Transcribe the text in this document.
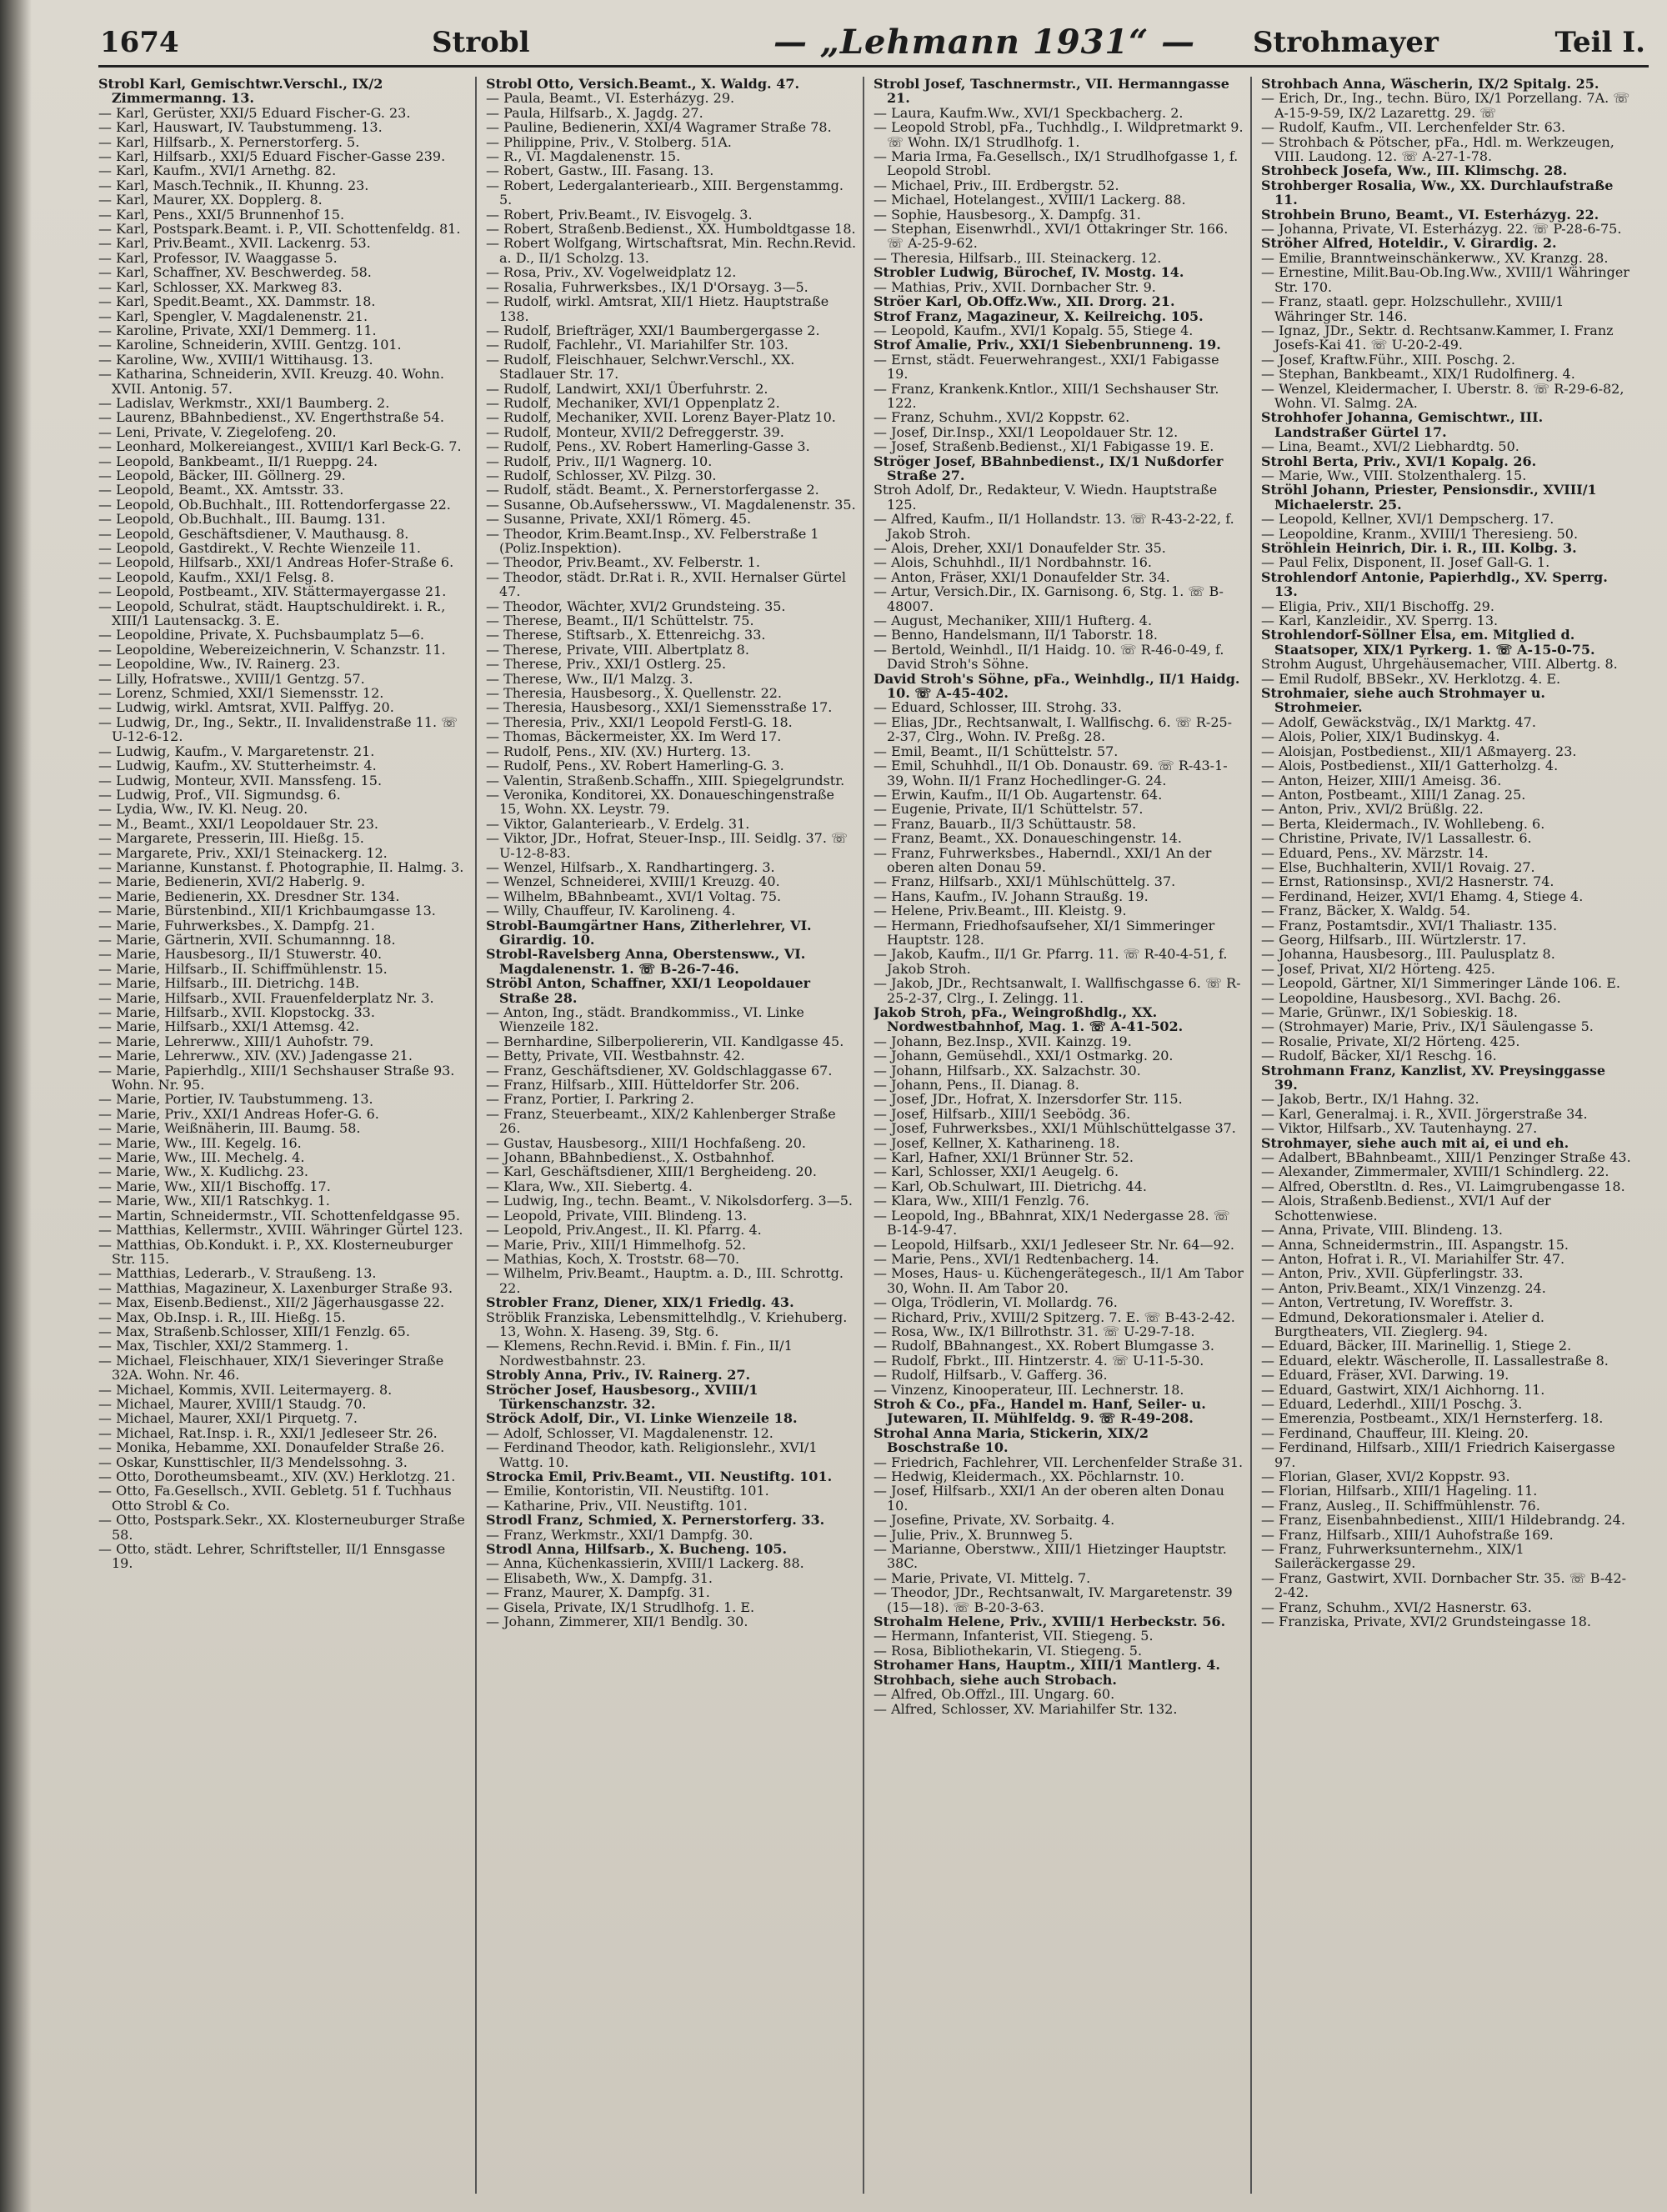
1674	Strobl	— „Lehmann 1931“ — Strohmayer	Teil I.

Strobl Karl, Gemischtwr.Verschl., IX/2 Zimmermanng. 13.

— Karl, Gerüster, XXI/5 Eduard Fischer-G. 23.

— Karl, Hauswart, IV. Taubstummeng. 13.

— Karl, Hilfsarb., X. Pernerstorferg. 5.

— Karl, Hilfsarb., XXI/5 Eduard Fischer-Gasse 239.

— Karl, Kaufm., XVI/1 Arnethg. 82.

— Karl, Masch.Technik., II. Khunng. 23.

— Karl, Maurer, XX. Dopplerg. 8.

— Karl, Pens., XXI/5 Brunnenhof 15.

— Karl, Postspark.Beamt. i. P., VII. Schottenfeldg. 81.

— Karl, Priv.Beamt., XVII. Lackenrg. 53.

— Karl, Professor, IV. Waaggasse 5.

— Karl, Schaffner, XV. Beschwerdeg. 58.

— Karl, Schlosser, XX. Markweg 83.

— Karl, Spedit.Beamt., XX. Dammstr. 18.

— Karl, Spengler, V. Magdalenenstr. 21.

— Karoline, Private, XXI/1 Demmerg. 11.

— Karoline, Schneiderin, XVIII. Gentzg. 101.

— Karoline, Ww., XVIII/1 Wittihausg. 13.

— Katharina, Schneiderin, XVII. Kreuzg. 40. Wohn. XVII. Antonig. 57.

— Ladislav, Werkmstr., XXI/1 Baumberg. 2.

— Laurenz, BBahnbedienst., XV. Engerthstraße 54.

— Leni, Private, V. Ziegelofeng. 20.

— Leonhard, Molkereiangest., XVIII/1 Karl Beck-G. 7.

— Leopold, Bankbeamt., II/1 Rueppg. 24.

— Leopold, Bäcker, III. Göllnerg. 29.

— Leopold, Beamt., XX. Amtsstr. 33.

— Leopold, Ob.Buchhalt., III. Rottendorfergasse 22.

— Leopold, Ob.Buchhalt., III. Baumg. 131.

— Leopold, Geschäftsdiener, V. Mauthausg. 8.

— Leopold, Gastdirekt., V. Rechte Wienzeile 11.

— Leopold, Hilfsarb., XXI/1 Andreas Hofer-Straße 6.

— Leopold, Kaufm., XXI/1 Felsg. 8.

— Leopold, Postbeamt., XIV. Stättermayergasse 21.

— Leopold, Schulrat, städt. Hauptschuldirekt. i. R., XIII/1 Lautensackg. 3. E.

— Leopoldine, Private, X. Puchsbaumplatz 5—6.

— Leopoldine, Webereizeichnerin, V. Schanzstr. 11.

— Leopoldine, Ww., IV. Rainerg. 23.

— Lilly, Hofratswe., XVIII/1 Gentzg. 57.

— Lorenz, Schmied, XXI/1 Siemensstr. 12.

— Ludwig, wirkl. Amtsrat, XVII. Palffyg. 20.

— Ludwig, Dr., Ing., Sektr., II. Invalidenstraße 11. ☏ U-12-6-12.

— Ludwig, Kaufm., V. Margaretenstr. 21.

— Ludwig, Kaufm., XV. Stutterheimstr. 4.

— Ludwig, Monteur, XVII. Manssfeng. 15.

— Ludwig, Prof., VII. Sigmundsg. 6.

— Lydia, Ww., IV. Kl. Neug. 20.

— M., Beamt., XXI/1 Leopoldauer Str. 23.

— Margarete, Presserin, III. Hießg. 15.

— Margarete, Priv., XXI/1 Steinackerg. 12.

— Marianne, Kunstanst. f. Photographie, II. Halmg. 3.

— Marie, Bedienerin, XVI/2 Haberlg. 9.

— Marie, Bedienerin, XX. Dresdner Str. 134.

— Marie, Bürstenbind., XII/1 Krichbaumgasse 13.

— Marie, Fuhrwerksbes., X. Dampfg. 21.

— Marie, Gärtnerin, XVII. Schumannng. 18.

— Marie, Hausbesorg., II/1 Stuwerstr. 40.

— Marie, Hilfsarb., II. Schiffmühlenstr. 15.

— Marie, Hilfsarb., III. Dietrichg. 14B.

— Marie, Hilfsarb., XVII. Frauenfelderplatz Nr. 3.

— Marie, Hilfsarb., XVII. Klopstockg. 33.

— Marie, Hilfsarb., XXI/1 Attemsg. 42.

— Marie, Lehrerww., XIII/1 Auhofstr. 79.

— Marie, Lehrerww., XIV. (XV.) Jadengasse 21.

— Marie, Papierhdlg., XIII/1 Sechshauser Straße 93. Wohn. Nr. 95.

— Marie, Portier, IV. Taubstummeng. 13.

— Marie, Priv., XXI/1 Andreas Hofer-G. 6.

— Marie, Weißnäherin, III. Baumg. 58.

— Marie, Ww., III. Kegelg. 16.

— Marie, Ww., III. Mechelg. 4.

— Marie, Ww., X. Kudlichg. 23.

— Marie, Ww., XII/1 Bischoffg. 17.

— Marie, Ww., XII/1 Ratschkyg. 1.

— Martin, Schneidermstr., VII. Schottenfeldgasse 95.

— Matthias, Kellermstr., XVIII. Währinger Gürtel 123.

— Matthias, Ob.Kondukt. i. P., XX. Klosterneuburger Str. 115.

— Matthias, Lederarb., V. Straußeng. 13.

— Matthias, Magazineur, X. Laxenburger Straße 93.

— Max, Eisenb.Bedienst., XII/2 Jägerhausgasse 22.

— Max, Ob.Insp. i. R., III. Hießg. 15.

— Max, Straßenb.Schlosser, XIII/1 Fenzlg. 65.

— Max, Tischler, XXI/2 Stammerg. 1.

— Michael, Fleischhauer, XIX/1 Sieveringer Straße 32A. Wohn. Nr. 46.

— Michael, Kommis, XVII. Leitermayerg. 8.

— Michael, Maurer, XVIII/1 Staudg. 70.

— Michael, Maurer, XXI/1 Pirquetg. 7.

— Michael, Rat.Insp. i. R., XXI/1 Jedleseer Str. 26.

— Monika, Hebamme, XXI. Donaufelder Straße 26.

— Oskar, Kunsttischler, II/3 Mendelssohng. 3.

— Otto, Dorotheumsbeamt., XIV. (XV.) Herklotzg. 21.

— Otto, Fa.Gesellsch., XVII. Gebletg. 51 f. Tuchhaus Otto Strobl & Co.

— Otto, Postspark.Sekr., XX. Klosterneuburger Straße 58.

— Otto, städt. Lehrer, Schriftsteller, II/1 Ennsgasse 19.

Strobl Otto, Versich.Beamt., X. Waldg. 47.

— Paula, Beamt., VI. Esterházyg. 29.

— Paula, Hilfsarb., X. Jagdg. 27.

— Pauline, Bedienerin, XXI/4 Wagramer Straße 78.

— Philippine, Priv., V. Stolberg. 51A.

— R., VI. Magdalenenstr. 15.

— Robert, Gastw., III. Fasang. 13.

— Robert, Ledergalanteriearb., XIII. Bergenstammg. 5.

— Robert, Priv.Beamt., IV. Eisvogelg. 3.

— Robert, Straßenb.Bedienst., XX. Humboldtgasse 18.

— Robert Wolfgang, Wirtschaftsrat, Min. Rechn.Revid. a. D., II/1 Scholzg. 13.

— Rosa, Priv., XV. Vogelweidplatz 12.

— Rosalia, Fuhrwerksbes., IX/1 D'Orsayg. 3—5.

— Rudolf, wirkl. Amtsrat, XII/1 Hietz. Hauptstraße 138.

— Rudolf, Briefträger, XXI/1 Baumbergergasse 2.

— Rudolf, Fachlehr., VI. Mariahilfer Str. 103.

— Rudolf, Fleischhauer, Selchwr.Verschl., XX. Stadlauer Str. 17.

— Rudolf, Landwirt, XXI/1 Überfuhrstr. 2.

— Rudolf, Mechaniker, XVI/1 Oppenplatz 2.

— Rudolf, Mechaniker, XVII. Lorenz Bayer-Platz 10.

— Rudolf, Monteur, XVII/2 Defreggerstr. 39.

— Rudolf, Pens., XV. Robert Hamerling-Gasse 3.

— Rudolf, Priv., II/1 Wagnerg. 10.

— Rudolf, Schlosser, XV. Pilzg. 30.

— Rudolf, städt. Beamt., X. Pernerstorfergasse 2.

— Susanne, Ob.Aufseherssww., VI. Magdalenenstr. 35.

— Susanne, Private, XXI/1 Römerg. 45.

— Theodor, Krim.Beamt.Insp., XV. Felberstraße 1 (Poliz.Inspektion).

— Theodor, Priv.Beamt., XV. Felberstr. 1.

— Theodor, städt. Dr.Rat i. R., XVII. Hernalser Gürtel 47.

— Theodor, Wächter, XVI/2 Grundsteing. 35.

— Therese, Beamt., II/1 Schüttelstr. 75.

— Therese, Stiftsarb., X. Ettenreichg. 33.

— Therese, Private, VIII. Albertplatz 8.

— Therese, Priv., XXI/1 Ostlerg. 25.

— Therese, Ww., II/1 Malzg. 3.

— Theresia, Hausbesorg., X. Quellenstr. 22.

— Theresia, Hausbesorg., XXI/1 Siemensstraße 17.

— Theresia, Priv., XXI/1 Leopold Ferstl-G. 18.

— Thomas, Bäckermeister, XX. Im Werd 17.

— Rudolf, Pens., XIV. (XV.) Hurterg. 13.

— Rudolf, Pens., XV. Robert Hamerling-G. 3.

— Valentin, Straßenb.Schaffn., XIII. Spiegelgrundstr.

— Veronika, Konditorei, XX. Donaueschingenstraße 15, Wohn. XX. Leystr. 79.

— Viktor, Galanteriearb., V. Erdelg. 31.

— Viktor, JDr., Hofrat, Steuer-Insp., III. Seidlg. 37. ☏ U-12-8-83.

— Wenzel, Hilfsarb., X. Randhartingerg. 3.

— Wenzel, Schneiderei, XVIII/1 Kreuzg. 40.

— Wilhelm, BBahnbeamt., XVI/1 Voltag. 75.

— Willy, Chauffeur, IV. Karolineng. 4.

Strobl-Baumgärtner Hans, Zitherlehrer, VI. Girardig. 10.

Strobl-Ravelsberg Anna, Oberstensww., VI. Magdalenenstr. 1. ☏ B-26-7-46.

Ströbl Anton, Schaffner, XXI/1 Leopoldauer Straße 28.

— Anton, Ing., städt. Brandkommiss., VI. Linke Wienzeile 182.

— Bernhardine, Silberpoliererin, VII. Kandlgasse 45.

— Betty, Private, VII. Westbahnstr. 42.

— Franz, Geschäftsdiener, XV. Goldschlaggasse 67.

— Franz, Hilfsarb., XIII. Hütteldorfer Str. 206.

— Franz, Portier, I. Parkring 2.

— Franz, Steuerbeamt., XIX/2 Kahlenberger Straße 26.

— Gustav, Hausbesorg., XIII/1 Hochfaßeng. 20.

— Johann, BBahnbedienst., X. Ostbahnhof.

— Karl, Geschäftsdiener, XIII/1 Bergheideng. 20.

— Klara, Ww., XII. Siebertg. 4.

— Ludwig, Ing., techn. Beamt., V. Nikolsdorferg. 3—5.

— Leopold, Private, VIII. Blindeng. 13.

— Leopold, Priv.Angest., II. Kl. Pfarrg. 4.

— Marie, Priv., XIII/1 Himmelhofg. 52.

— Mathias, Koch, X. Troststr. 68—70.

— Wilhelm, Priv.Beamt., Hauptm. a. D., III. Schrottg. 22.

Strobler Franz, Diener, XIX/1 Friedlg. 43.

Ströblik Franziska, Lebensmittelhdlg., V. Kriehuberg. 13, Wohn. X. Haseng. 39, Stg. 6.

— Klemens, Rechn.Revid. i. BMin. f. Fin., II/1 Nordwestbahnstr. 23.

Strobly Anna, Priv., IV. Rainerg. 27.

Ströcher Josef, Hausbesorg., XVIII/1 Türkenschanzstr. 32.

Ströck Adolf, Dir., VI. Linke Wienzeile 18.

— Adolf, Schlosser, VI. Magdalenenstr. 12.

— Ferdinand Theodor, kath. Religionslehr., XVI/1 Wattg. 10.

Strocka Emil, Priv.Beamt., VII. Neustiftg. 101.

— Emilie, Kontoristin, VII. Neustiftg. 101.

— Katharine, Priv., VII. Neustiftg. 101.

Strodl Franz, Schmied, X. Pernerstorferg. 33.

— Franz, Werkmstr., XXI/1 Dampfg. 30.

Strodl Anna, Hilfsarb., X. Bucheng. 105.

— Anna, Küchenkassierin, XVIII/1 Lackerg. 88.

— Elisabeth, Ww., X. Dampfg. 31.

— Franz, Maurer, X. Dampfg. 31.

— Gisela, Private, IX/1 Strudlhofg. 1. E.

— Johann, Zimmerer, XII/1 Bendlg. 30.

Strobl Josef, Taschnermstr., VII. Hermanngasse 21.

— Laura, Kaufm.Ww., XVI/1 Speckbacherg. 2.

— Leopold Strobl, pFa., Tuchhdlg., I. Wildpretmarkt 9. ☏ Wohn. IX/1 Strudlhofg. 1.

— Maria Irma, Fa.Gesellsch., IX/1 Strudlhofgasse 1, f. Leopold Strobl.

— Michael, Priv., III. Erdbergstr. 52.

— Michael, Hotelangest., XVIII/1 Lackerg. 88.

— Sophie, Hausbesorg., X. Dampfg. 31.

— Stephan, Eisenwrhdl., XVI/1 Ottakringer Str. 166. ☏ A-25-9-62.

— Theresia, Hilfsarb., III. Steinackerg. 12.

Strobler Ludwig, Bürochef, IV. Mostg. 14.

— Mathias, Priv., XVII. Dornbacher Str. 9.

Ströer Karl, Ob.Offz.Ww., XII. Drorg. 21.

Strof Franz, Magazineur, X. Keilreichg. 105.

— Leopold, Kaufm., XVI/1 Kopalg. 55, Stiege 4.

Strof Amalie, Priv., XXI/1 Siebenbrunneng. 19.

— Ernst, städt. Feuerwehrangest., XXI/1 Fabigasse 19.

— Franz, Krankenk.Kntlor., XIII/1 Sechshauser Str. 122.

— Franz, Schuhm., XVI/2 Koppstr. 62.

— Josef, Dir.Insp., XXI/1 Leopoldauer Str. 12.

— Josef, Straßenb.Bedienst., XI/1 Fabigasse 19. E.

Ströger Josef, BBahnbedienst., IX/1 Nußdorfer Straße 27.

Stroh Adolf, Dr., Redakteur, V. Wiedn. Hauptstraße 125.

— Alfred, Kaufm., II/1 Hollandstr. 13. ☏ R-43-2-22, f. Jakob Stroh.

— Alois, Dreher, XXI/1 Donaufelder Str. 35.

— Alois, Schuhhdl., II/1 Nordbahnstr. 16.

— Anton, Fräser, XXI/1 Donaufelder Str. 34.

— Artur, Versich.Dir., IX. Garnisong. 6, Stg. 1. ☏ B-48007.

— August, Mechaniker, XIII/1 Hufterg. 4.

— Benno, Handelsmann, II/1 Taborstr. 18.

— Bertold, Weinhdl., II/1 Haidg. 10. ☏ R-46-0-49, f. David Stroh's Söhne.

David Stroh's Söhne, pFa., Weinhdlg., II/1 Haidg. 10. ☏ A-45-402.

— Eduard, Schlosser, III. Strohg. 33.

— Elias, JDr., Rechtsanwalt, I. Wallfischg. 6. ☏ R-25-2-37, Clrg., Wohn. IV. Preßg. 28.

— Emil, Beamt., II/1 Schüttelstr. 57.

— Emil, Schuhhdl., II/1 Ob. Donaustr. 69. ☏ R-43-1-39, Wohn. II/1 Franz Hochedlinger-G. 24.

— Erwin, Kaufm., II/1 Ob. Augartenstr. 64.

— Eugenie, Private, II/1 Schüttelstr. 57.

— Franz, Bauarb., II/3 Schüttaustr. 58.

— Franz, Beamt., XX. Donaueschingenstr. 14.

— Franz, Fuhrwerksbes., Haberndl., XXI/1 An der oberen alten Donau 59.

— Franz, Hilfsarb., XXI/1 Mühlschüttelg. 37.

— Hans, Kaufm., IV. Johann Straußg. 19.

— Helene, Priv.Beamt., III. Kleistg. 9.

— Hermann, Friedhofsaufseher, XI/1 Simmeringer Hauptstr. 128.

— Jakob, Kaufm., II/1 Gr. Pfarrg. 11. ☏ R-40-4-51, f. Jakob Stroh.

— Jakob, JDr., Rechtsanwalt, I. Wallfischgasse 6. ☏ R-25-2-37, Clrg., I. Zelingg. 11.

Jakob Stroh, pFa., Weingroßhdlg., XX. Nordwestbahnhof, Mag. 1. ☏ A-41-502.

— Johann, Bez.Insp., XVII. Kainzg. 19.

— Johann, Gemüsehdl., XXI/1 Ostmarkg. 20.

— Johann, Hilfsarb., XX. Salzachstr. 30.

— Johann, Pens., II. Dianag. 8.

— Josef, JDr., Hofrat, X. Inzersdorfer Str. 115.

— Josef, Hilfsarb., XIII/1 Seebödg. 36.

— Josef, Fuhrwerksbes., XXI/1 Mühlschüttelgasse 37.

— Josef, Kellner, X. Katharineng. 18.

— Karl, Hafner, XXI/1 Brünner Str. 52.

— Karl, Schlosser, XXI/1 Aeugelg. 6.

— Karl, Ob.Schulwart, III. Dietrichg. 44.

— Klara, Ww., XIII/1 Fenzlg. 76.

— Leopold, Ing., BBahnrat, XIX/1 Nedergasse 28. ☏ B-14-9-47.

— Leopold, Hilfsarb., XXI/1 Jedleseer Str. Nr. 64—92.

— Marie, Pens., XVI/1 Redtenbacherg. 14.

— Moses, Haus- u. Küchengerätegesch., II/1 Am Tabor 30, Wohn. II. Am Tabor 20.

— Olga, Trödlerin, VI. Mollardg. 76.

— Richard, Priv., XVIII/2 Spitzerg. 7. E. ☏ B-43-2-42.

— Rosa, Ww., IX/1 Billrothstr. 31. ☏ U-29-7-18.

— Rudolf, BBahnangest., XX. Robert Blumgasse 3.

— Rudolf, Fbrkt., III. Hintzerstr. 4. ☏ U-11-5-30.

— Rudolf, Hilfsarb., V. Gafferg. 36.

— Vinzenz, Kinooperateur, III. Lechnerstr. 18.

Stroh & Co., pFa., Handel m. Hanf, Seiler- u. Jutewaren, II. Mühlfeldg. 9. ☏ R-49-208.

Strohal Anna Maria, Stickerin, XIX/2 Boschstraße 10.

— Friedrich, Fachlehrer, VII. Lerchenfelder Straße 31.

— Hedwig, Kleidermach., XX. Pöchlarnstr. 10.

— Josef, Hilfsarb., XXI/1 An der oberen alten Donau 10.

— Josefine, Private, XV. Sorbaitg. 4.

— Julie, Priv., X. Brunnweg 5.

— Marianne, Oberstww., XIII/1 Hietzinger Hauptstr. 38C.

— Marie, Private, VI. Mittelg. 7.

— Theodor, JDr., Rechtsanwalt, IV. Margaretenstr. 39 (15—18). ☏ B-20-3-63.

Strohalm Helene, Priv., XVIII/1 Herbeckstr. 56.

— Hermann, Infanterist, VII. Stiegeng. 5.

— Rosa, Bibliothekarin, VI. Stiegeng. 5.

Strohamer Hans, Hauptm., XIII/1 Mantlerg. 4.

Strohbach, siehe auch Strobach.

— Alfred, Ob.Offzl., III. Ungarg. 60.

— Alfred, Schlosser, XV. Mariahilfer Str. 132.

Strohbach Anna, Wäscherin, IX/2 Spitalg. 25.

— Erich, Dr., Ing., techn. Büro, IX/1 Porzellang. 7A. ☏ A-15-9-59, IX/2 Lazarettg. 29. ☏

— Rudolf, Kaufm., VII. Lerchenfelder Str. 63.

— Strohbach & Pötscher, pFa., Hdl. m. Werkzeugen, VIII. Laudong. 12. ☏ A-27-1-78.

Strohbeck Josefa, Ww., III. Klimschg. 28.

Strohberger Rosalia, Ww., XX. Durchlaufstraße 11.

Strohbein Bruno, Beamt., VI. Esterházyg. 22.

— Johanna, Private, VI. Esterházyg. 22. ☏ P-28-6-75.

Ströher Alfred, Hoteldir., V. Girardig. 2.

— Emilie, Branntweinschänkerww., XV. Kranzg. 28.

— Ernestine, Milit.Bau-Ob.Ing.Ww., XVIII/1 Währinger Str. 170.

— Franz, staatl. gepr. Holzschullehr., XVIII/1 Währinger Str. 146.

— Ignaz, JDr., Sektr. d. Rechtsanw.Kammer, I. Franz Josefs-Kai 41. ☏ U-20-2-49.

— Josef, Kraftw.Führ., XIII. Poschg. 2.

— Stephan, Bankbeamt., XIX/1 Rudolfinerg. 4.

— Wenzel, Kleidermacher, I. Uberstr. 8. ☏ R-29-6-82, Wohn. VI. Salmg. 2A.

Strohhofer Johanna, Gemischtwr., III. Landstraßer Gürtel 17.

— Lina, Beamt., XVI/2 Liebhardtg. 50.

Strohl Berta, Priv., XVI/1 Kopalg. 26.

— Marie, Ww., VIII. Stolzenthalerg. 15.

Ströhl Johann, Priester, Pensionsdir., XVIII/1 Michaelerstr. 25.

— Leopold, Kellner, XVI/1 Dempscherg. 17.

— Leopoldine, Kranm., XVIII/1 Theresieng. 50.

Ströhlein Heinrich, Dir. i. R., III. Kolbg. 3.

— Paul Felix, Disponent, II. Josef Gall-G. 1.

Strohlendorf Antonie, Papierhdlg., XV. Sperrg. 13.

— Eligia, Priv., XII/1 Bischoffg. 29.

— Karl, Kanzleidir., XV. Sperrg. 13.

Strohlendorf-Söllner Elsa, em. Mitglied d. Staatsoper, XIX/1 Pyrkerg. 1. ☏ A-15-0-75.

Strohm August, Uhrgehäusemacher, VIII. Albertg. 8.

— Emil Rudolf, BBSekr., XV. Herklotzg. 4. E.

Strohmaier, siehe auch Strohmayer u. Strohmeier.

— Adolf, Gewäckstväg., IX/1 Marktg. 47.

— Alois, Polier, XIX/1 Budinskyg. 4.

— Aloisjan, Postbedienst., XII/1 Aßmayerg. 23.

— Alois, Postbedienst., XII/1 Gatterholzg. 4.

— Anton, Heizer, XIII/1 Ameisg. 36.

— Anton, Postbeamt., XIII/1 Zanag. 25.

— Anton, Priv., XVI/2 Brüßlg. 22.

— Berta, Kleidermach., IV. Wohllebeng. 6.

— Christine, Private, IV/1 Lassallestr. 6.

— Eduard, Pens., XV. Märzstr. 14.

— Else, Buchhalterin, XVII/1 Rovaig. 27.

— Ernst, Rationsinsp., XVI/2 Hasnerstr. 74.

— Ferdinand, Heizer, XVI/1 Ehamg. 4, Stiege 4.

— Franz, Bäcker, X. Waldg. 54.

— Franz, Postamtsdir., XVI/1 Thaliastr. 135.

— Georg, Hilfsarb., III. Würtzlerstr. 17.

— Johanna, Hausbesorg., III. Paulusplatz 8.

— Josef, Privat, XI/2 Hörteng. 425.

— Leopold, Gärtner, XI/1 Simmeringer Lände 106. E.

— Leopoldine, Hausbesorg., XVI. Bachg. 26.

— Marie, Grünwr., IX/1 Sobieskig. 18.

— (Strohmayer) Marie, Priv., IX/1 Säulengasse 5.

— Rosalie, Private, XI/2 Hörteng. 425.

— Rudolf, Bäcker, XI/1 Reschg. 16.

Strohmann Franz, Kanzlist, XV. Preysinggasse 39.

— Jakob, Bertr., IX/1 Hahng. 32.

— Karl, Generalmaj. i. R., XVII. Jörgerstraße 34.

— Viktor, Hilfsarb., XV. Tautenhayng. 27.

Strohmayer, siehe auch mit ai, ei und eh.

— Adalbert, BBahnbeamt., XIII/1 Penzinger Straße 43.

— Alexander, Zimmermaler, XVIII/1 Schindlerg. 22.

— Alfred, Oberstltn. d. Res., VI. Laimgrubengasse 18.

— Alois, Straßenb.Bedienst., XVI/1 Auf der Schottenwiese.

— Anna, Private, VIII. Blindeng. 13.

— Anna, Schneidermstrin., III. Aspangstr. 15.

— Anton, Hofrat i. R., VI. Mariahilfer Str. 47.

— Anton, Priv., XVII. Güpferlingstr. 33.

— Anton, Priv.Beamt., XIX/1 Vinzenzg. 24.

— Anton, Vertretung, IV. Woreffstr. 3.

— Edmund, Dekorationsmaler i. Atelier d. Burgtheaters, VII. Zieglerg. 94.

— Eduard, Bäcker, III. Marinellig. 1, Stiege 2.

— Eduard, elektr. Wäscherolle, II. Lassallestraße 8.

— Eduard, Fräser, XVI. Darwing. 19.

— Eduard, Gastwirt, XIX/1 Aichhorng. 11.

— Eduard, Lederhdl., XIII/1 Poschg. 3.

— Emerenzia, Postbeamt., XIX/1 Hernsterferg. 18.

— Ferdinand, Chauffeur, III. Kleing. 20.

— Ferdinand, Hilfsarb., XIII/1 Friedrich Kaisergasse 97.

— Florian, Glaser, XVI/2 Koppstr. 93.

— Florian, Hilfsarb., XIII/1 Hageling. 11.

— Franz, Ausleg., II. Schiffmühlenstr. 76.

— Franz, Eisenbahnbedienst., XIII/1 Hildebrandg. 24.

— Franz, Hilfsarb., XIII/1 Auhofstraße 169.

— Franz, Fuhrwerksunternehm., XIX/1 Saileräckergasse 29.

— Franz, Gastwirt, XVII. Dornbacher Str. 35. ☏ B-42-2-42.

— Franz, Schuhm., XVI/2 Hasnerstr. 63.

— Franziska, Private, XVI/2 Grundsteingasse 18.
